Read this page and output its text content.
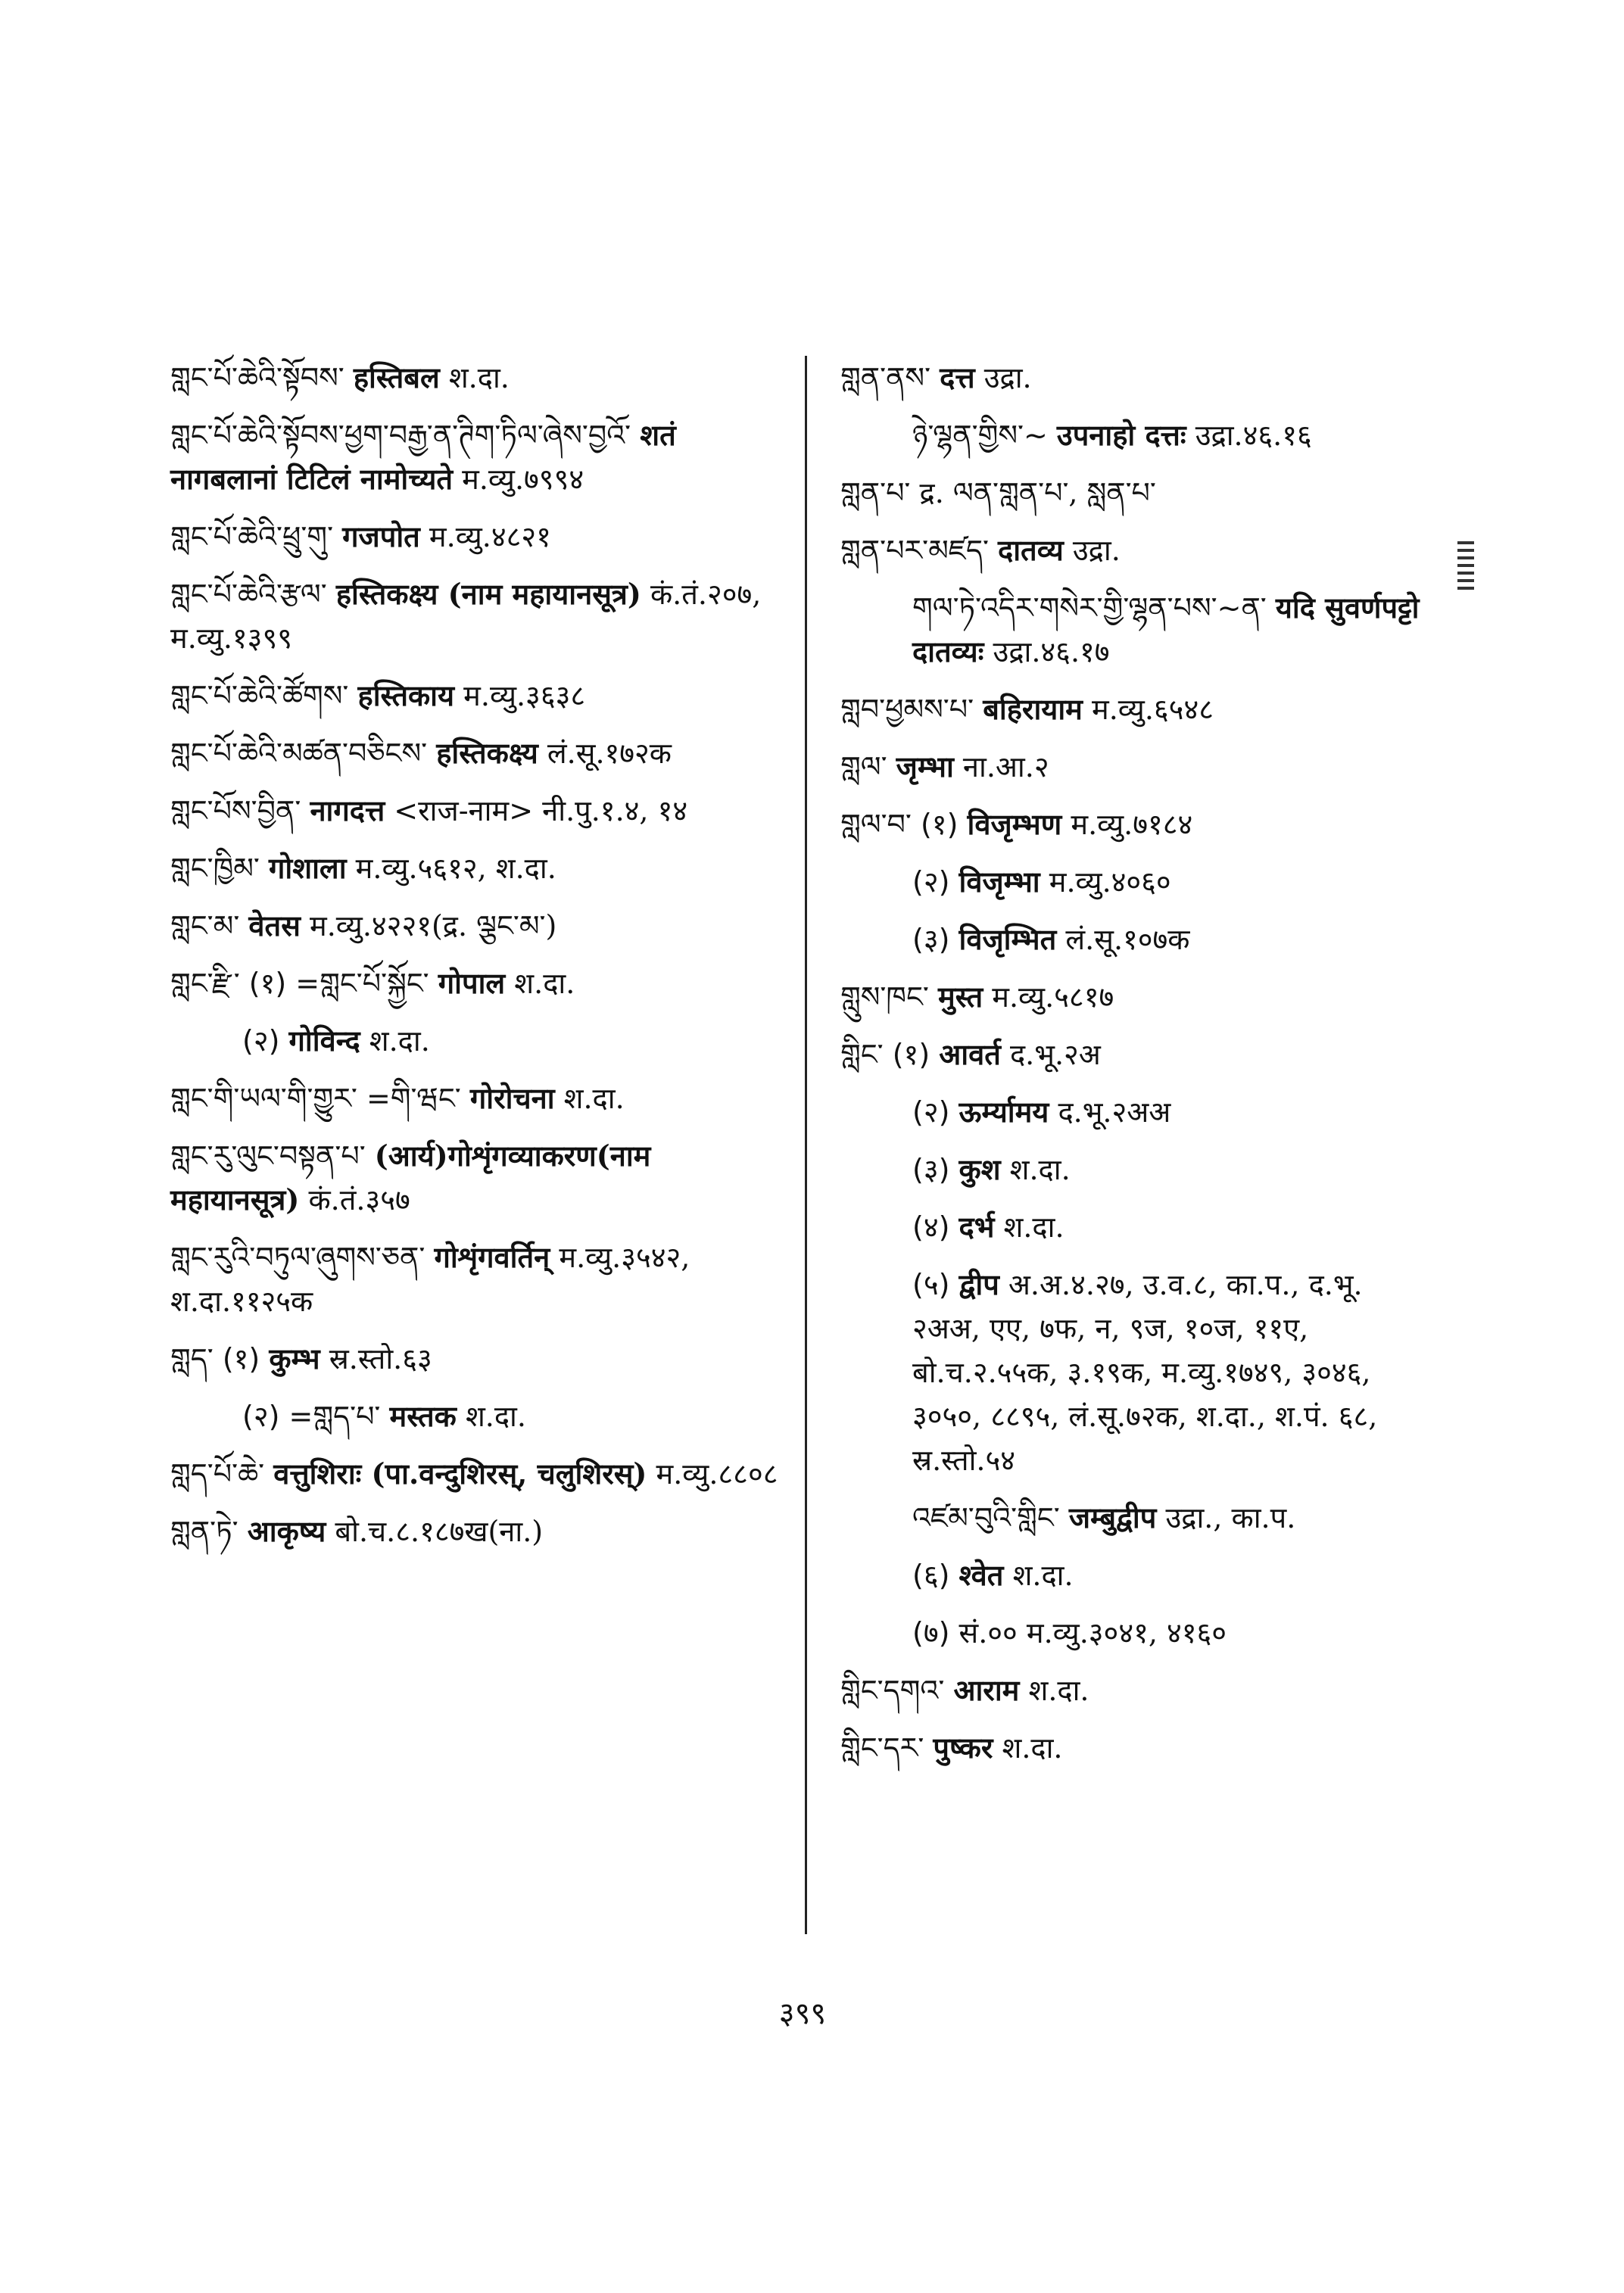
གླང་པོ་ཆེའི་སྟོབས་ हस्तिबल श.दा.
གླང་པོ་ཆེའི་སྟོབས་ཕྱག་བརྒྱ་ན་ཊིག་ཏིལ་ཞེས་བྱའོ་ शतं नागबलानां टिटिलं नामोच्यते म.व्यु.७९९४
གླང་པོ་ཆེའི་ཕྲུ་གུ་ गजपोत म.व्यु.४८२१
གླང་པོ་ཆེའི་རྩལ་ हस्तिकक्ष्य (नाम महायानसूत्र) कं.तं.२०७, म.व्यु.१३९९
གླང་པོ་ཆེའི་ཚོགས་ हस्तिकाय म.व्यु.३६३८
གླང་པོ་ཆེའི་མཚན་བཅིངས་ हस्तिकक्ष्य लं.सू.१७२क
གླང་པོས་བྱིན་ नागदत्त <राज-नाम> नी.पु.१.४, १४
གླང་ཁྱིམ་ गोशाला म.व्यु.५६१२, श.दा.
གླང་མ་ वेतस म.व्यु.४२२१(द्र. ལྕང་མ་)
གླང་རྫི་ (१) =གླང་པོ་སྐྱོང་ गोपाल श.दा.
(२) गोविन्द श.दा.
གླང་གི་ཡལ་གི་གྱུར་ =གི་ཝང་ गोरोचना श.दा.
གླང་རུ་ལུང་བསྟན་པ་ (आर्य)गोशृंगव्याकरण(नाम महायानसूत्र) कं.तं.३५७
གླང་རུའི་བཏུལ་ཞུགས་ཅན་ गोशृंगवर्तिन् म.व्यु.३५४२, श.दा.११२५क
གླད་ (१) कुम्भ स्र.स्तो.६३
(२) =གླད་པ་ मस्तक श.दा.
གླད་པོ་ཆེ་ वत्तुशिराः (पा.वन्दुशिरस्, चलुशिरस्) म.व्यु.८८०८
གླན་ཏེ་ आकृष्य बो.च.८.१८७ख(ना.)
གླན་ནས་ दत्त उद्रा.
ཉེ་ལྷན་གྱིས་~ उपनाहो दत्तः उद्रा.४६.१६
གླན་པ་ द्र. ལན་གླན་པ་, སླན་པ་
གླན་པར་མཛད་ दातव्य उद्रा.
གལ་ཏེ་འདིར་གསེར་གྱི་ལྷན་པས་~ན་ यदि सुवर्णपट्टो दातव्यः उद्रा.४६.१७
གླབ་ཕྱམས་པ་ बहिरायाम म.व्यु.६५४८
གླལ་ जृम्भा ना.आ.२
གླལ་བ་ (१) विजृम्भण म.व्यु.७१८४
(२) विजृम्भा म.व्यु.४०६०
(३) विजृम्भित लं.सू.१०७क
གླུས་ཁང་ मुस्त म.व्यु.५८१७
གླིང་ (१) आवर्त द.भू.२अ
(२) ऊर्म्यामय द.भू.२अअ
(३) कुश श.दा.
(४) दर्भ श.दा.
(५) द्वीप अ.अ.४.२७, उ.व.८, का.प., द.भू. २अअ, एए, ७फ, न, ९ज, १०ज, ११ए, बो.च.२.५५क, ३.१९क, म.व्यु.१७४९, ३०४६, ३०५०, ८८९५, लं.सू.७२क, श.दा., श.पं. ६८, स्र.स्तो.५४
འཛམ་བུའི་གླིང་ जम्बुद्वीप उद्रा., का.प.
(६) श्वेत श.दा.
(७) सं.०० म.व्यु.३०४१, ४१६०
གླིང་དགའ་ आराम श.दा.
གླིང་དར་ पुष्कर श.दा.
३९९
